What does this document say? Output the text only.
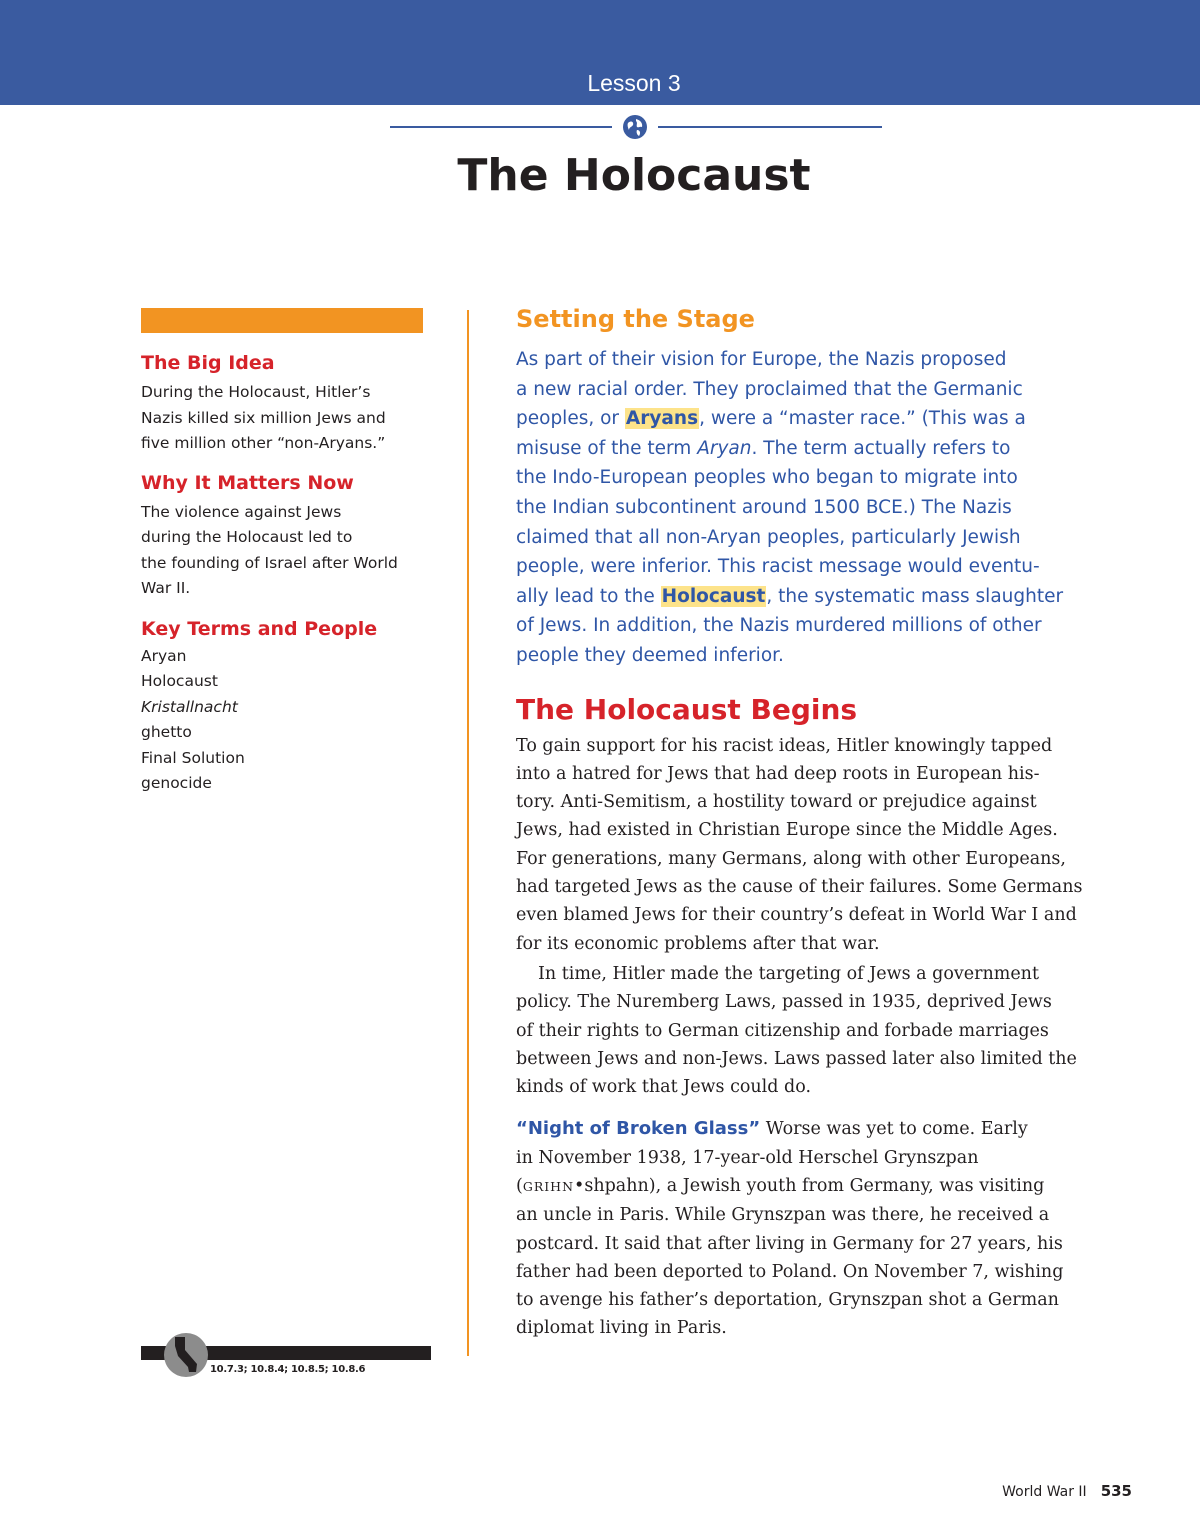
Lesson 3
The Holocaust
The Big Idea
During the Holocaust, Hitler’s
Nazis killed six million Jews and
five million other “non-Aryans.”
Why It Matters Now
The violence against Jews
during the Holocaust led to
the founding of Israel after World
War II.
Key Terms and People
Aryan
Holocaust
Kristallnacht
ghetto
Final Solution
genocide
Setting the Stage
As part of their vision for Europe, the Nazis proposed
a new racial order. They proclaimed that the Germanic
peoples, or Aryans, were a “master race.” (This was a
misuse of the term Aryan. The term actually refers to
the Indo-European peoples who began to migrate into
the Indian subcontinent around 1500 BCE.) The Nazis
claimed that all non-Aryan peoples, particularly Jewish
people, were inferior. This racist message would eventu-
ally lead to the Holocaust, the systematic mass slaughter
of Jews. In addition, the Nazis murdered millions of other
people they deemed inferior.
The Holocaust Begins
To gain support for his racist ideas, Hitler knowingly tapped
into a hatred for Jews that had deep roots in European his-
tory. Anti-Semitism, a hostility toward or prejudice against
Jews, had existed in Christian Europe since the Middle Ages.
For generations, many Germans, along with other Europeans,
had targeted Jews as the cause of their failures. Some Germans
even blamed Jews for their country’s defeat in World War I and
for its economic problems after that war.
In time, Hitler made the targeting of Jews a government
policy. The Nuremberg Laws, passed in 1935, deprived Jews
of their rights to German citizenship and forbade marriages
between Jews and non-Jews. Laws passed later also limited the
kinds of work that Jews could do.
“Night of Broken Glass” Worse was yet to come. Early
in November 1938, 17-year-old Herschel Grynszpan
(GRIHN•shpahn), a Jewish youth from Germany, was visiting
an uncle in Paris. While Grynszpan was there, he received a
postcard. It said that after living in Germany for 27 years, his
father had been deported to Poland. On November 7, wishing
to avenge his father’s deportation, Grynszpan shot a German
diplomat living in Paris.
10.7.3; 10.8.4; 10.8.5; 10.8.6
World War II 535
